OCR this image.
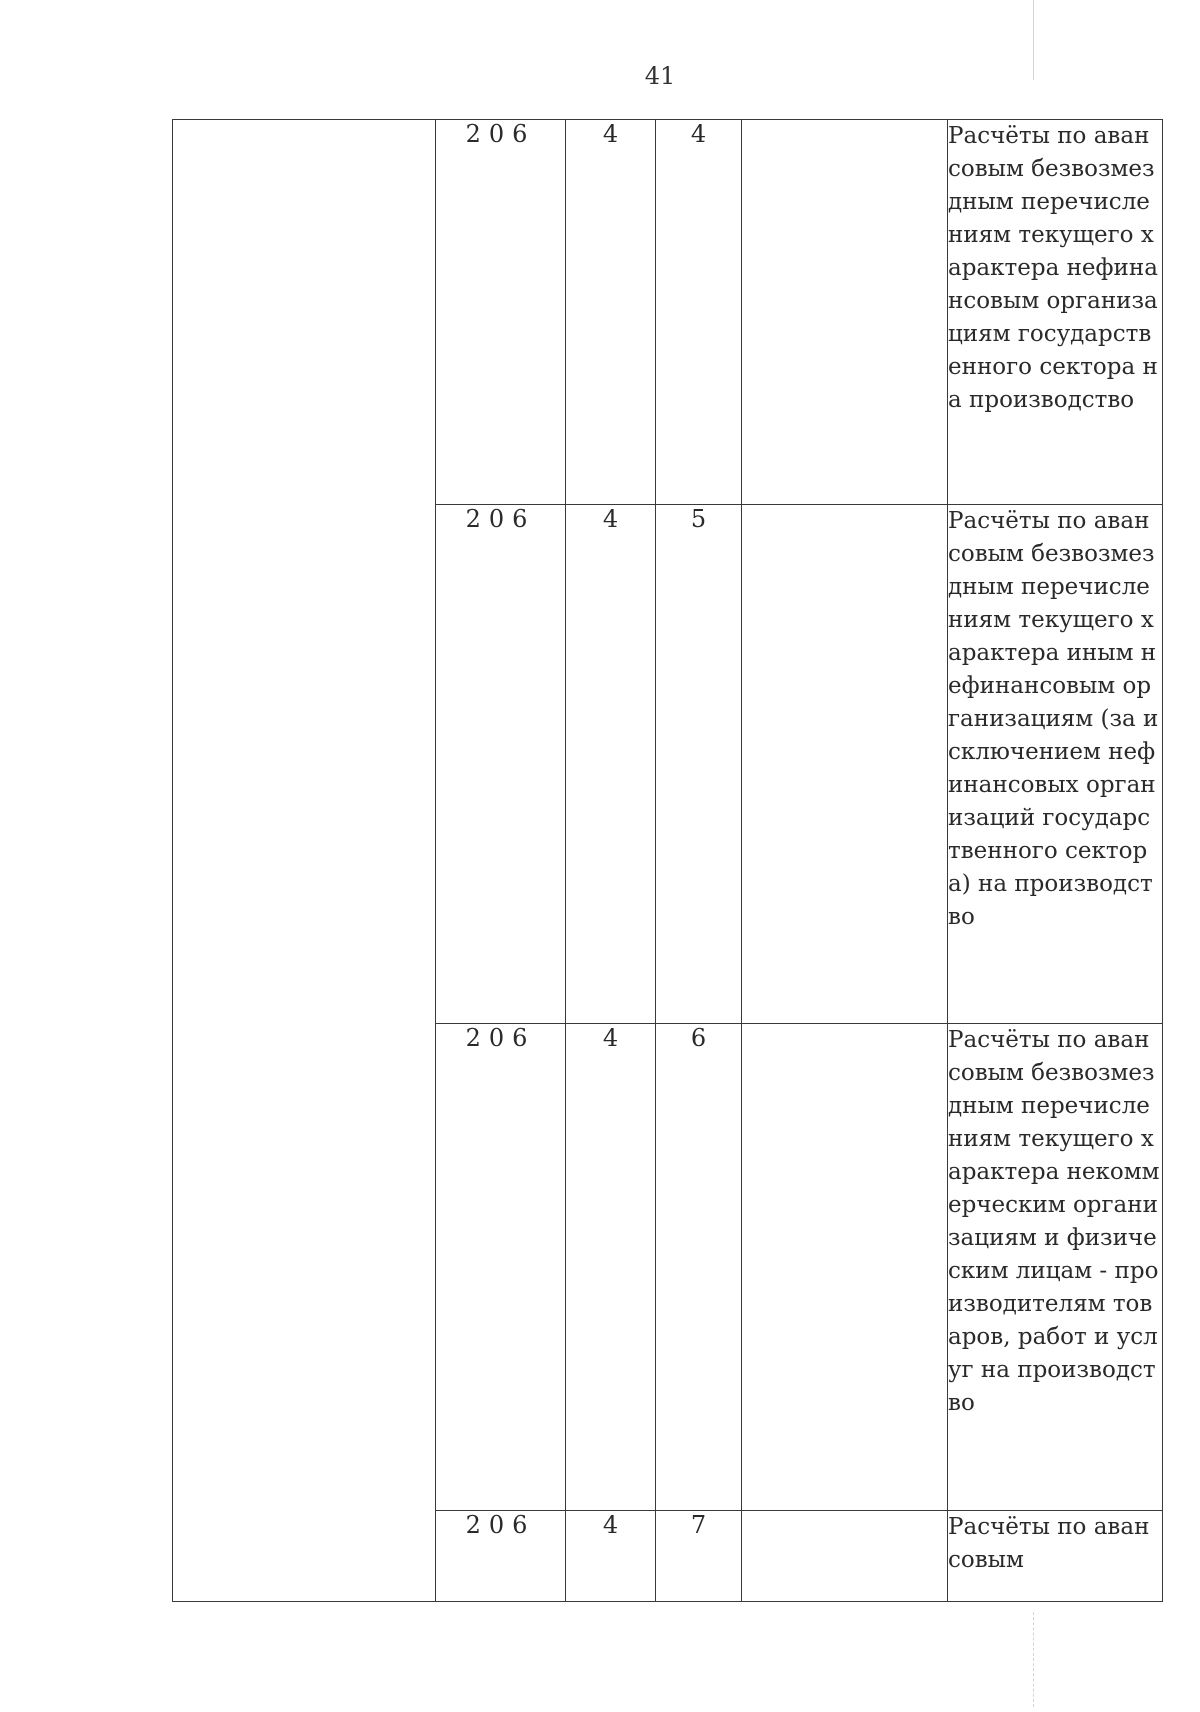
41
	206	4	4		Расчёты по авансовым безвозмездным перечислениям текущего характера нефинансовым организациям государственного сектора на производство
	206	4	5		Расчёты по авансовым безвозмездным перечислениям текущего характера иным нефинансовым организациям (за исключением нефинансовых организаций государственного сектора) на производство
	206	4	6		Расчёты по авансовым безвозмездным перечислениям текущего характера некоммерческим организациям и физическим лицам - производителям товаров, работ и услуг на производство
	206	4	7		Расчёты по авансовым
